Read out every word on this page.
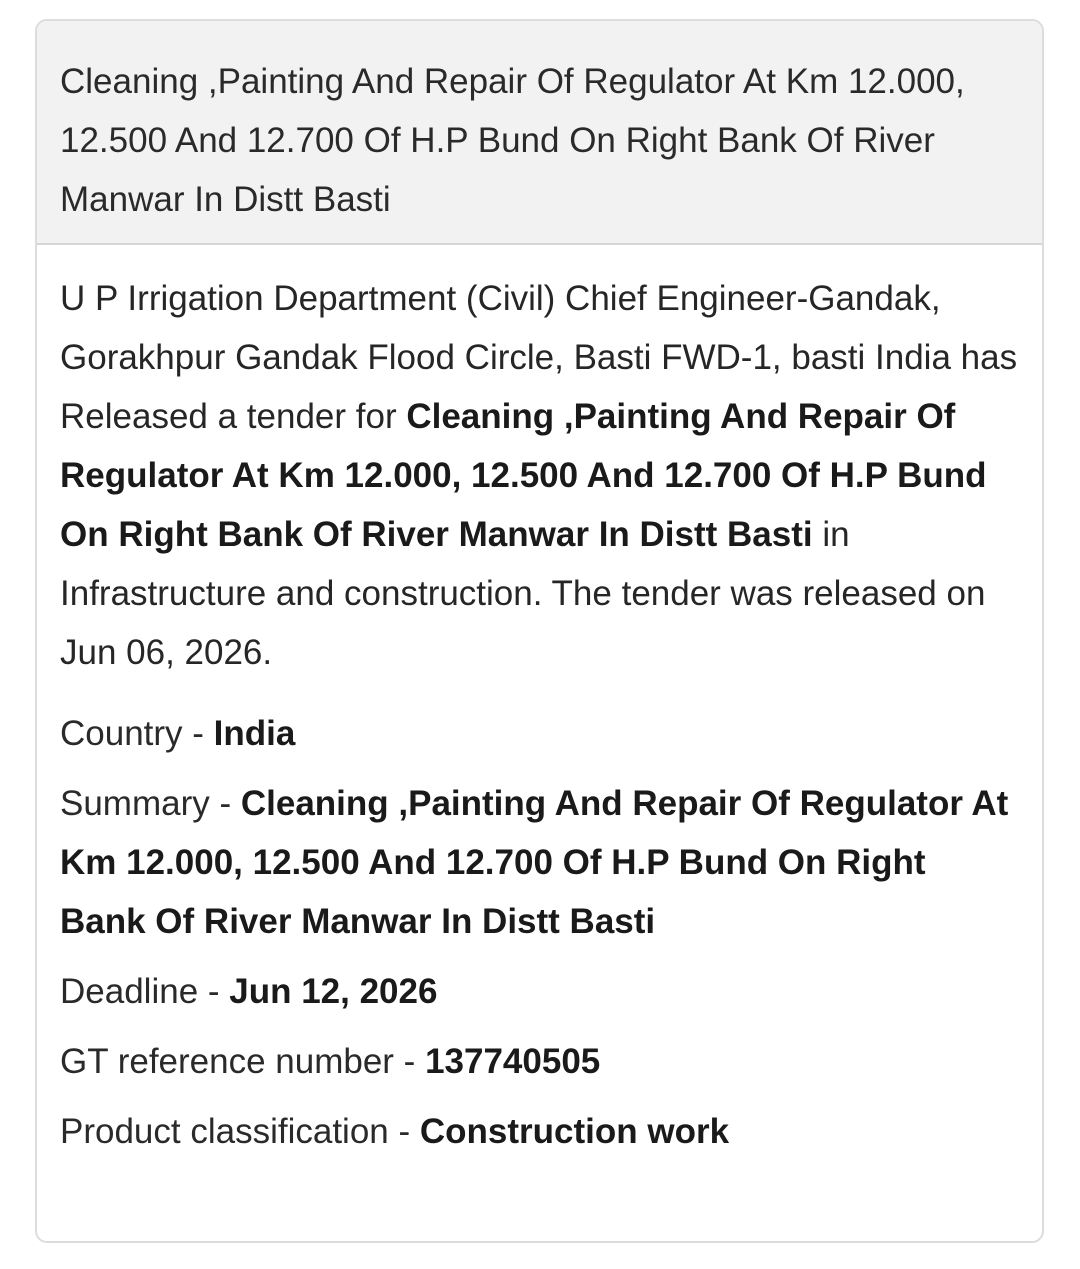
Cleaning ,Painting And Repair Of Regulator At Km 12.000, 12.500 And 12.700 Of H.P Bund On Right Bank Of River Manwar In Distt Basti
U P Irrigation Department (Civil) Chief Engineer-Gandak, Gorakhpur Gandak Flood Circle, Basti FWD-1, basti India has Released a tender for Cleaning ,Painting And Repair Of Regulator At Km 12.000, 12.500 And 12.700 Of H.P Bund On Right Bank Of River Manwar In Distt Basti in Infrastructure and construction. The tender was released on Jun 06, 2026.
Country - India
Summary - Cleaning ,Painting And Repair Of Regulator At Km 12.000, 12.500 And 12.700 Of H.P Bund On Right Bank Of River Manwar In Distt Basti
Deadline - Jun 12, 2026
GT reference number - 137740505
Product classification - Construction work
